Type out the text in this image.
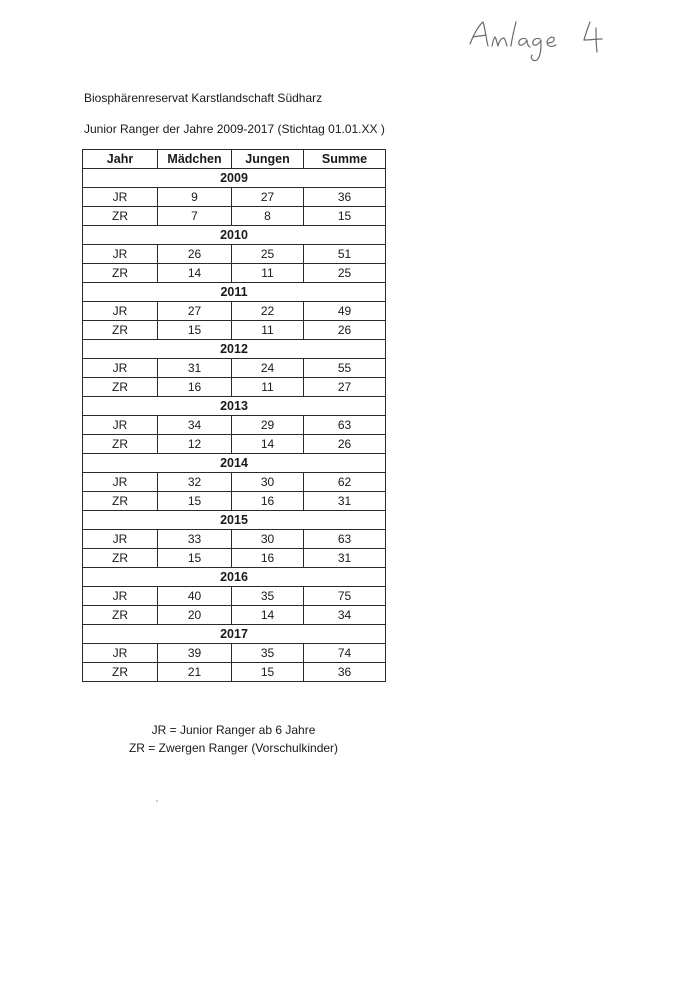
Biosphärenreservat Karstlandschaft Südharz

Junior Ranger der Jahre 2009-2017 (Stichtag 01.01.XX )

Jahr	Mädchen	Jungen	Summe
2009			
JR	9	27	36
ZR	7	8	15
2010			
JR	26	25	51
ZR	14	11	25
2011			
JR	27	22	49
ZR	15	11	26
2012			
JR	31	24	55
ZR	16	11	27
2013			
JR	34	29	63
ZR	12	14	26
2014			
JR	32	30	62
ZR	15	16	31
2015			
JR	33	30	63
ZR	15	16	31
2016			
JR	40	35	75
ZR	20	14	34
2017			
JR	39	35	74
ZR	21	15	36

JR = Junior Ranger ab 6 Jahre

ZR = Zwergen Ranger (Vorschulkinder)
